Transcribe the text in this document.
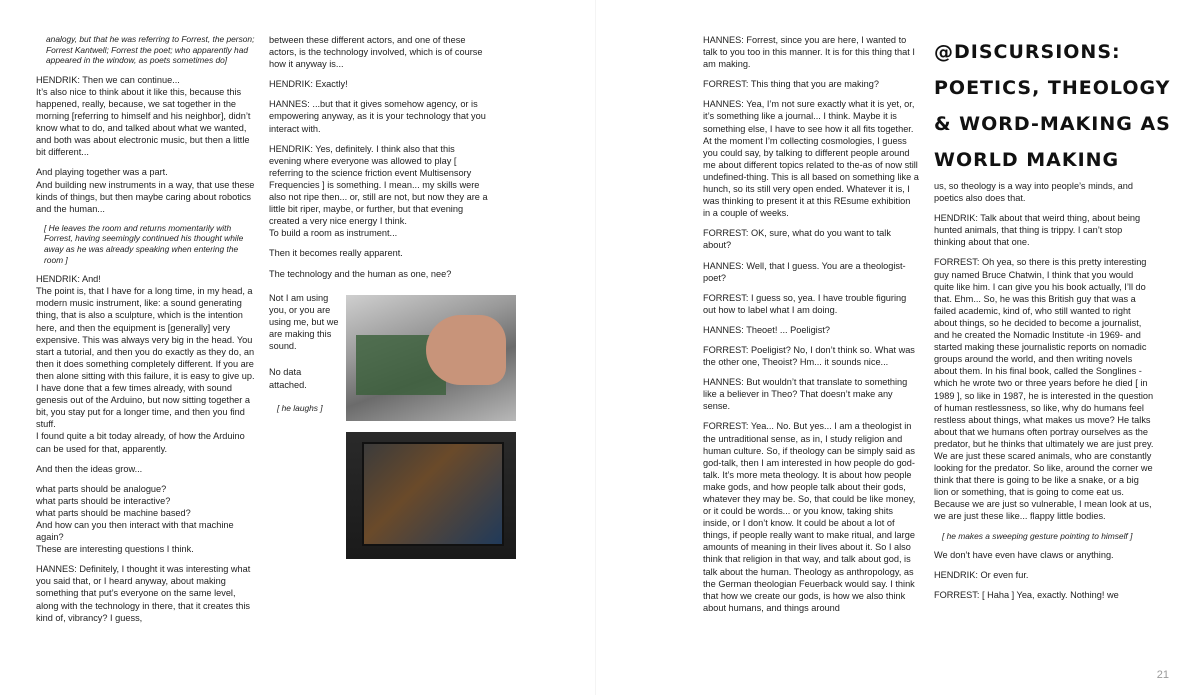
analogy, but that he was referring to Forrest, the person; Forrest Kantwell; Forrest the poet; who apparently had appeared in the window, as poets sometimes do]

HENDRIK: Then we can continue...
It’s also nice to think about it like this, because this happened, really, because, we sat together in the morning [referring to himself and his neighbor], didn’t know what to do, and talked about what we wanted, and both was about electronic music, but then a little bit different...

And playing together was a part.
And building new instruments in a way, that use these kinds of things, but then maybe caring about robotics and the human...

[ He leaves the room and returns momentarily with Forrest, having seemingly continued his thought while away as he was already speaking when entering the room ]

HENDRIK: And!
The point is, that I have for a long time, in my head, a modern music instrument, like: a sound generating thing, that is also a sculpture, which is the intention here, and then the equipment is [generally] very expensive. This was always very big in the head. You start a tutorial, and then you do exactly as they do, an then it does something completely different. If you are then alone sitting with this failure, it is easy to give up.
I have done that a few times already, with sound genesis out of the Arduino, but now sitting together a bit, you stay put for a longer time, and then you find stuff.
I found quite a bit today already, of how the Arduino can be used for that, apparently.

And then the ideas grow...

what parts should be analogue?
what parts should be interactive?
what parts should be machine based?
And how can you then interact with that machine again?
These are interesting questions I think.

HANNES: Definitely, I thought it was interesting what you said that, or I heard anyway, about making something that put’s everyone on the same level, along with the technology in there, that it creates this kind of, vibrancy? I guess,

between these different actors, and one of these actors, is the technology involved, which is of course how it anyway is...

HENDRIK: Exactly!

HANNES: ...but that it gives somehow agency, or is empowering anyway, as it is your technology that you interact with.

HENDRIK: Yes, definitely. I think also that this evening where everyone was allowed to play [ referring to the science friction event Multisensory Frequencies ] is something. I mean... my skills were also not ripe then... or, still are not, but now they are a little bit riper, maybe, or further, but that evening created a very nice energy I think.
To build a room as instrument...

Then it becomes really apparent.

The technology and the human as one, nee?

Not I am using you, or you are using me, but we are making this sound.

No data attached.

[ he laughs ]

HANNES: Forrest, since you are here, I wanted to talk to you too in this manner. It is for this thing that I am making.

FORREST: This thing that you are making?

HANNES: Yea, I’m not sure exactly what it is yet, or, it’s something like a journal... I think. Maybe it is something else, I have to see how it all fits together. At the moment I’m collecting cosmologies, I guess you could say, by talking to different people around me about different topics related to the-as of now still undefined-thing. This is all based on something like a hunch, so its still very open ended. Whatever it is, I was thinking to present it at this REsume exhibition in a couple of weeks.

FORREST: OK, sure, what do you want to talk about?

HANNES: Well, that I guess. You are a theologist-poet?

FORREST: I guess so, yea. I have trouble figuring out how to label what I am doing.

HANNES: Theoet! ... Poeligist?

FORREST: Poeligist? No, I don’t think so. What was the other one, Theoist? Hm... it sounds nice...

HANNES: But wouldn’t that translate to something like a believer in Theo? That doesn’t make any sense.

FORREST: Yea... No. But yes... I am a theologist in the untraditional sense, as in, I study religion and human culture. So, if theology can be simply said as god-talk, then I am interested in how people do god-talk. It’s more meta theology. It is about how people make gods, and how people talk about their gods, whatever they may be. So, that could be like money, or it could be words... or you know, taking shits inside, or I don’t know. It could be about a lot of things, if people really want to make ritual, and large amounts of meaning in their lives about it. So I also think that religion in that way, and talk about god, is talk about the human. Theology as anthropology, as the German theologian Feuerback would say. I think that how we create our gods, is how we also think about humans, and things around

@DISCURSIONS:
POETICS, THEOLOGY
& WORD-MAKING AS
WORLD MAKING

us, so theology is a way into people’s minds, and poetics also does that.

HENDRIK: Talk about that weird thing, about being hunted animals, that thing is trippy. I can’t stop thinking about that one.

FORREST: Oh yea, so there is this pretty interesting guy named Bruce Chatwin, I think that you would quite like him. I can give you his book actually, I’ll do that. Ehm... So, he was this British guy that was a failed academic, kind of, who still wanted to right about things, so he decided to become a journalist, and he created the Nomadic Institute -in 1969- and started making these journalistic reports on nomadic groups around the world, and then writing novels about them. In his final book, called the Songlines -which he wrote two or three years before he died [ in 1989 ], so like in 1987, he is interested in the question of human restlessness, so like, why do humans feel restless about things, what makes us move? He talks about that we humans often portray ourselves as the predator, but he thinks that ultimately we are just prey. We are just these scared animals, who are constantly looking for the predator. So like, around the corner we think that there is going to be like a snake, or a big lion or something, that is going to come eat us. Because we are just so vulnerable, I mean look at us, we are just these like... flappy little bodies.

[ he makes a sweeping gesture pointing to himself ]

We don’t have even have claws or anything.

HENDRIK: Or even fur.

FORREST: [ Haha ] Yea, exactly. Nothing! we

21
